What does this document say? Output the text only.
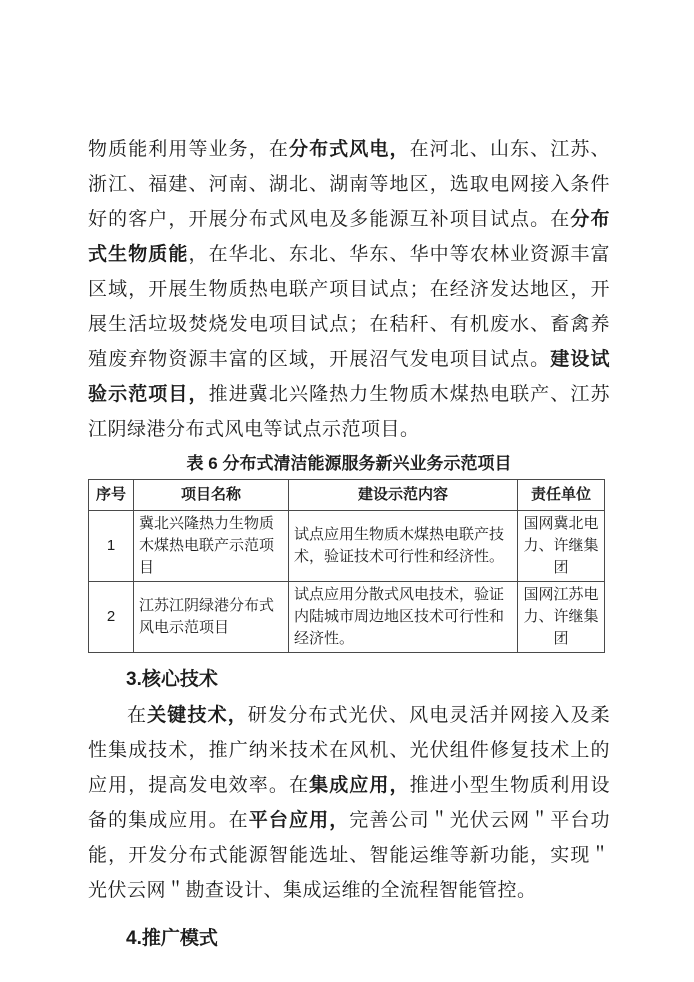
物质能利用等业务，在分布式风电，在河北、山东、江苏、浙江、福建、河南、湖北、湖南等地区，选取电网接入条件好的客户，开展分布式风电及多能源互补项目试点。在分布式生物质能，在华北、东北、华东、华中等农林业资源丰富区域，开展生物质热电联产项目试点；在经济发达地区，开展生活垃圾焚烧发电项目试点；在秸秆、有机废水、畜禽养殖废弃物资源丰富的区域，开展沼气发电项目试点。建设试验示范项目，推进冀北兴隆热力生物质木煤热电联产、江苏江阴绿港分布式风电等试点示范项目。

表 6 分布式清洁能源服务新兴业务示范项目
序号	项目名称	建设示范内容	责任单位
1	冀北兴隆热力生物质木煤热电联产示范项目	试点应用生物质木煤热电联产技术，验证技术可行性和经济性。	国网冀北电力、许继集团
2	江苏江阴绿港分布式风电示范项目	试点应用分散式风电技术，验证内陆城市周边地区技术可行性和经济性。	国网江苏电力、许继集团
3.核心技术

在关键技术，研发分布式光伏、风电灵活并网接入及柔性集成技术，推广纳米技术在风机、光伏组件修复技术上的应用，提高发电效率。在集成应用，推进小型生物质利用设备的集成应用。在平台应用，完善公司＂光伏云网＂平台功能，开发分布式能源智能选址、智能运维等新功能，实现＂光伏云网＂勘查设计、集成运维的全流程智能管控。

4.推广模式
